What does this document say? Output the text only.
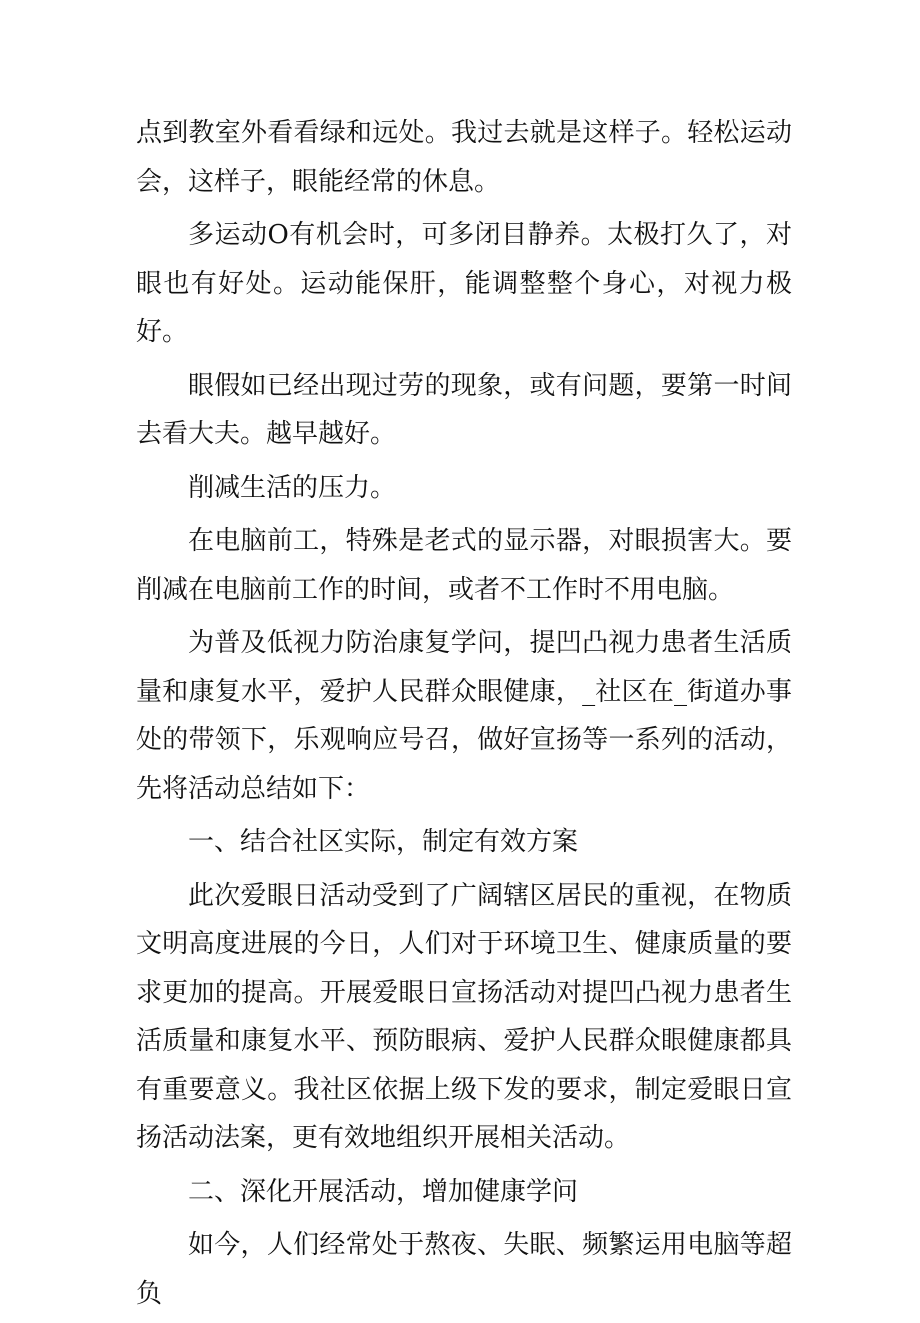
点到教室外看看绿和远处。我过去就是这样子。轻松运动会，这样子，眼能经常的休息。

多运动O有机会时，可多闭目静养。太极打久了，对眼也有好处。运动能保肝，能调整整个身心，对视力极好。

眼假如已经出现过劳的现象，或有问题，要第一时间去看大夫。越早越好。

削减生活的压力。

在电脑前工，特殊是老式的显示器，对眼损害大。要削减在电脑前工作的时间，或者不工作时不用电脑。

为普及低视力防治康复学问，提凹凸视力患者生活质量和康复水平，爱护人民群众眼健康，_社区在_街道办事处的带领下，乐观响应号召，做好宣扬等一系列的活动，先将活动总结如下：

一、结合社区实际，制定有效方案

此次爱眼日活动受到了广阔辖区居民的重视，在物质文明高度进展的今日，人们对于环境卫生、健康质量的要求更加的提高。开展爱眼日宣扬活动对提凹凸视力患者生活质量和康复水平、预防眼病、爱护人民群众眼健康都具有重要意义。我社区依据上级下发的要求，制定爱眼日宣扬活动法案，更有效地组织开展相关活动。

二、深化开展活动，增加健康学问

如今，人们经常处于熬夜、失眠、频繁运用电脑等超负
